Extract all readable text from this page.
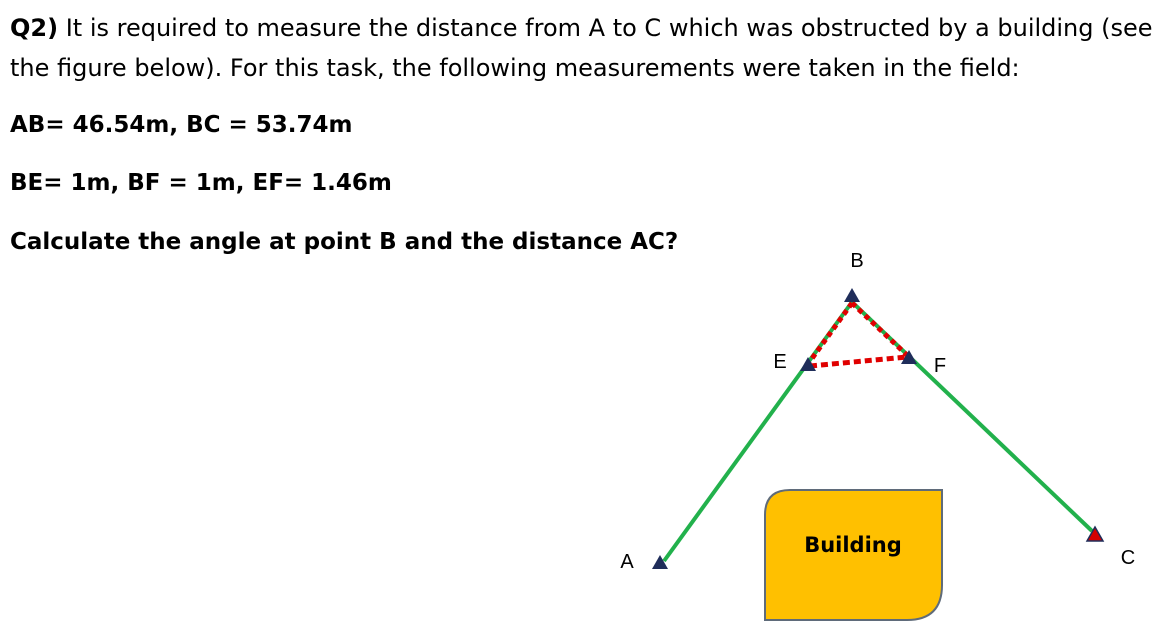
Q2) It is required to measure the distance from A to C which was obstructed by a building (see
the figure below). For this task, the following measurements were taken in the field:
AB= 46.54m, BC = 53.74m
BE= 1m, BF = 1m, EF= 1.46m
Calculate the angle at point B and the distance AC?
Building
B
E	F
A	C
